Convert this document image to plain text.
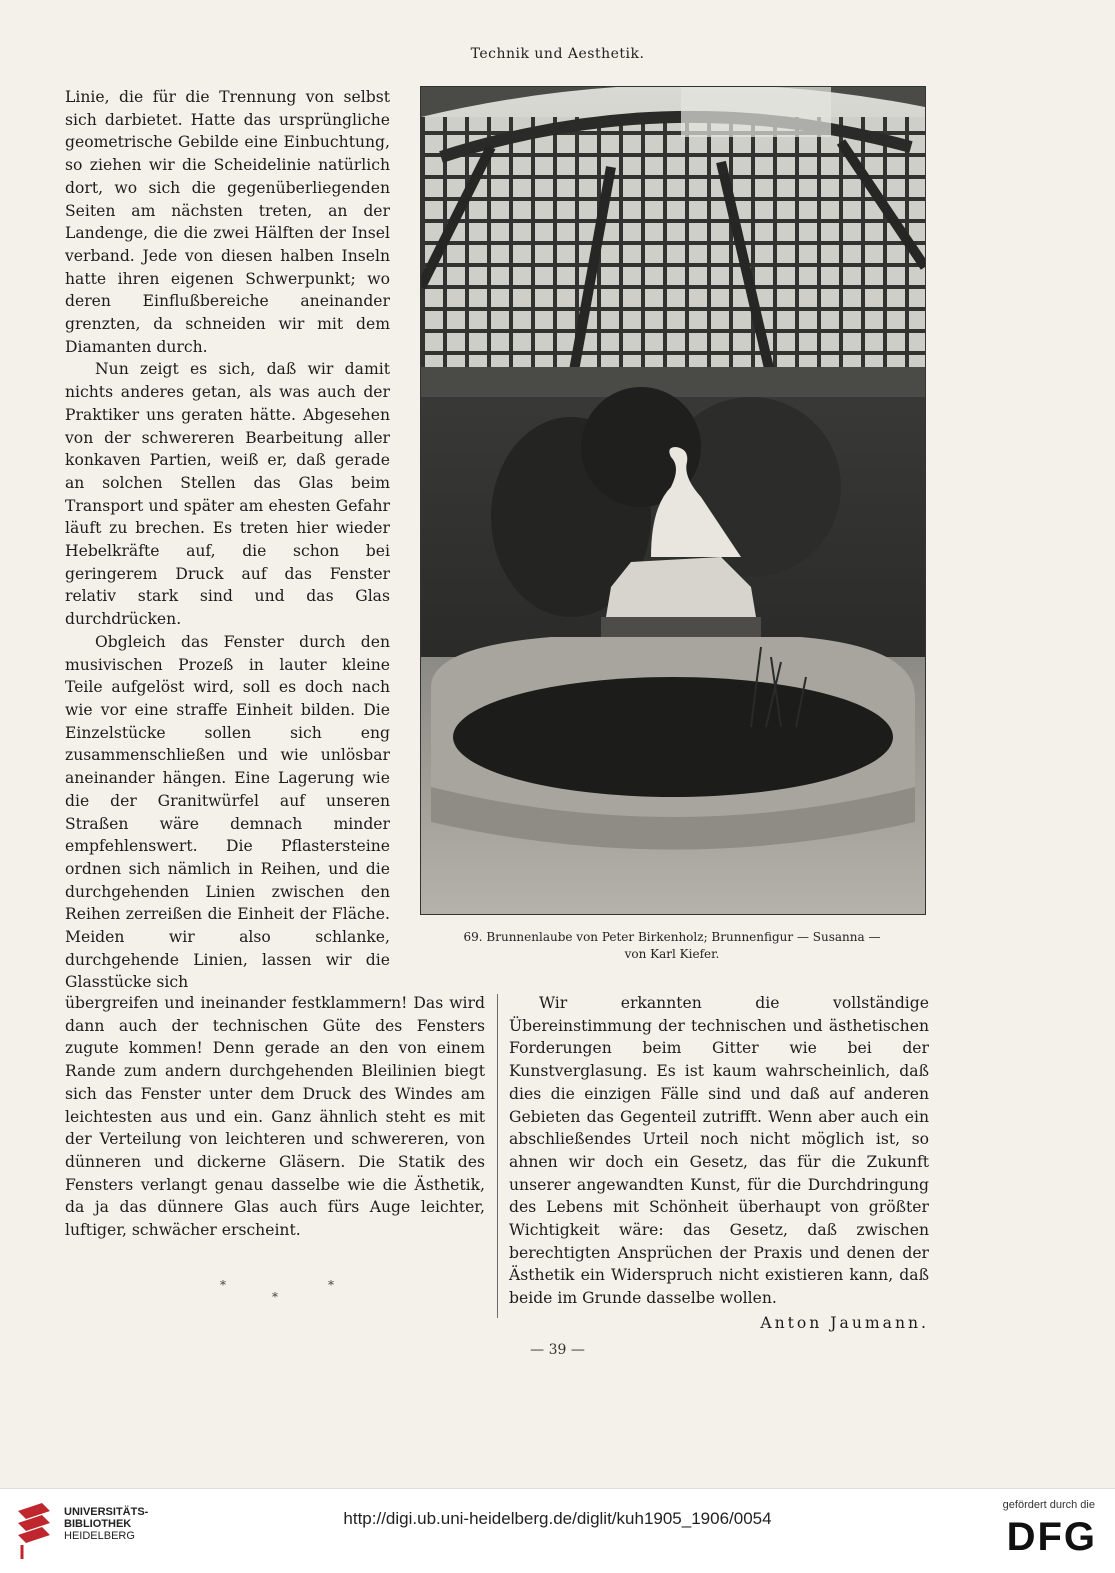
Technik und Aesthetik.

Linie, die für die Trennung von selbst sich darbietet. Hatte das ursprüngliche geometrische Gebilde eine Einbuchtung, so ziehen wir die Scheidelinie natürlich dort, wo sich die gegenüberliegenden Seiten am nächsten treten, an der Landenge, die die zwei Hälften der Insel verband. Jede von diesen halben Inseln hatte ihren eigenen Schwerpunkt; wo deren Einflußbereiche aneinander grenzten, da schneiden wir mit dem Diamanten durch.

Nun zeigt es sich, daß wir damit nichts anderes getan, als was auch der Praktiker uns geraten hätte. Abgesehen von der schwereren Bearbeitung aller konkaven Partien, weiß er, daß gerade an solchen Stellen das Glas beim Transport und später am ehesten Gefahr läuft zu brechen. Es treten hier wieder Hebelkräfte auf, die schon bei geringerem Druck auf das Fenster relativ stark sind und das Glas durchdrücken.

Obgleich das Fenster durch den musivischen Prozeß in lauter kleine Teile aufgelöst wird, soll es doch nach wie vor eine straffe Einheit bilden. Die Einzelstücke sollen sich eng zusammenschließen und wie unlösbar aneinander hängen. Eine Lagerung wie die der Granitwürfel auf unseren Straßen wäre demnach minder empfehlenswert. Die Pflastersteine ordnen sich nämlich in Reihen, und die durchgehenden Linien zwischen den Reihen zerreißen die Einheit der Fläche. Meiden wir also schlanke, durchgehende Linien, lassen wir die Glasstücke sich

69. Brunnenlaube von Peter Birkenholz; Brunnenfigur — Susanna —
von Karl Kiefer.

übergreifen und ineinander festklammern! Das wird dann auch der technischen Güte des Fensters zugute kommen! Denn gerade an den von einem Rande zum andern durchgehenden Bleilinien biegt sich das Fenster unter dem Druck des Windes am leichtesten aus und ein. Ganz ähnlich steht es mit der Verteilung von leichteren und schwereren, von dünneren und dickerne Gläsern. Die Statik des Fensters verlangt genau dasselbe wie die Ästhetik, da ja das dünnere Glas auch fürs Auge leichter, luftiger, schwächer erscheint.

Wir erkannten die vollständige Übereinstimmung der technischen und ästhetischen Forderungen beim Gitter wie bei der Kunstverglasung. Es ist kaum wahrscheinlich, daß dies die einzigen Fälle sind und daß auf anderen Gebieten das Gegenteil zutrifft. Wenn aber auch ein abschließendes Urteil noch nicht möglich ist, so ahnen wir doch ein Gesetz, das für die Zukunft unserer angewandten Kunst, für die Durchdringung des Lebens mit Schönheit überhaupt von größter Wichtigkeit wäre: das Gesetz, daß zwischen berechtigten Ansprüchen der Praxis und denen der Ästhetik ein Widerspruch nicht existieren kann, daß beide im Grunde dasselbe wollen.

Anton Jaumann.
*
*
*
— 39 —
UNIVERSITÄTS-
BIBLIOTHEK
HEIDELBERG
http://digi.ub.uni-heidelberg.de/diglit/kuh1905_1906/0054
gefördert durch die
DFG
